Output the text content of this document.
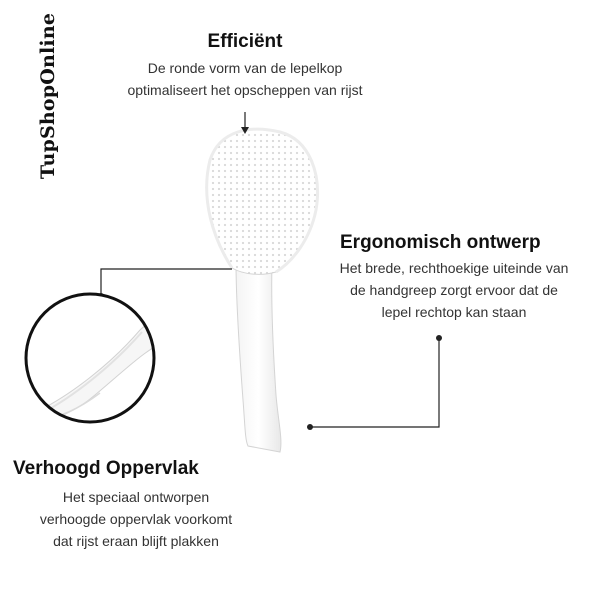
TupShopOnline	Efficiënt
De ronde vorm van de lepelkop
optimaliseert het opscheppen van rijst
Ergonomisch ontwerp
Het brede, rechthoekige uiteinde van
de handgreep zorgt ervoor dat de
lepel rechtop kan staan
Verhoogd Oppervlak
Het speciaal ontworpen
verhoogde oppervlak voorkomt
dat rijst eraan blijft plakken
